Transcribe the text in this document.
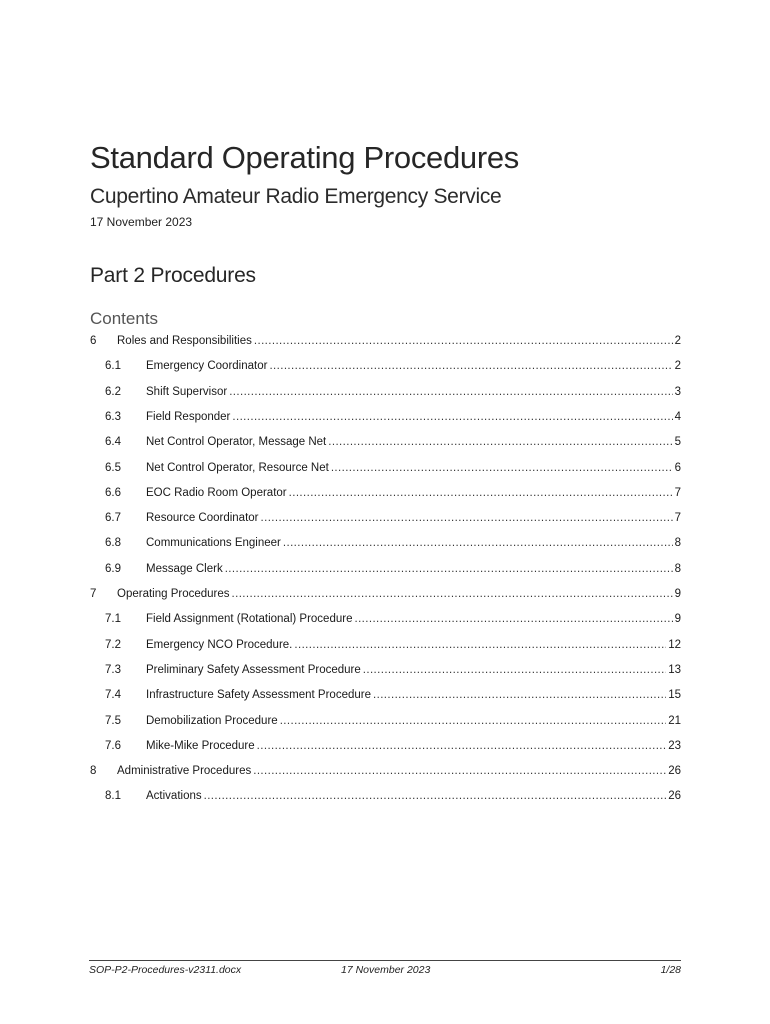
Standard Operating Procedures
Cupertino Amateur Radio Emergency Service
17 November 2023
Part 2 Procedures
Contents
6	Roles and Responsibilities .....	2
6.1	Emergency Coordinator .....	2
6.2	Shift Supervisor .....	3
6.3	Field Responder .....	4
6.4	Net Control Operator, Message Net .....	5
6.5	Net Control Operator, Resource Net .....	6
6.6	EOC Radio Room Operator .....	7
6.7	Resource Coordinator .....	7
6.8	Communications Engineer .....	8
6.9	Message Clerk .....	8
7	Operating Procedures .....	9
7.1	Field Assignment (Rotational) Procedure .....	9
7.2	Emergency NCO Procedure. .....	12
7.3	Preliminary Safety Assessment Procedure .....	13
7.4	Infrastructure Safety Assessment Procedure .....	15
7.5	Demobilization Procedure .....	21
7.6	Mike-Mike Procedure .....	23
8	Administrative Procedures .....	26
8.1	Activations .....	26
SOP-P2-Procedures-v2311.docx	17 November 2023	1/28
